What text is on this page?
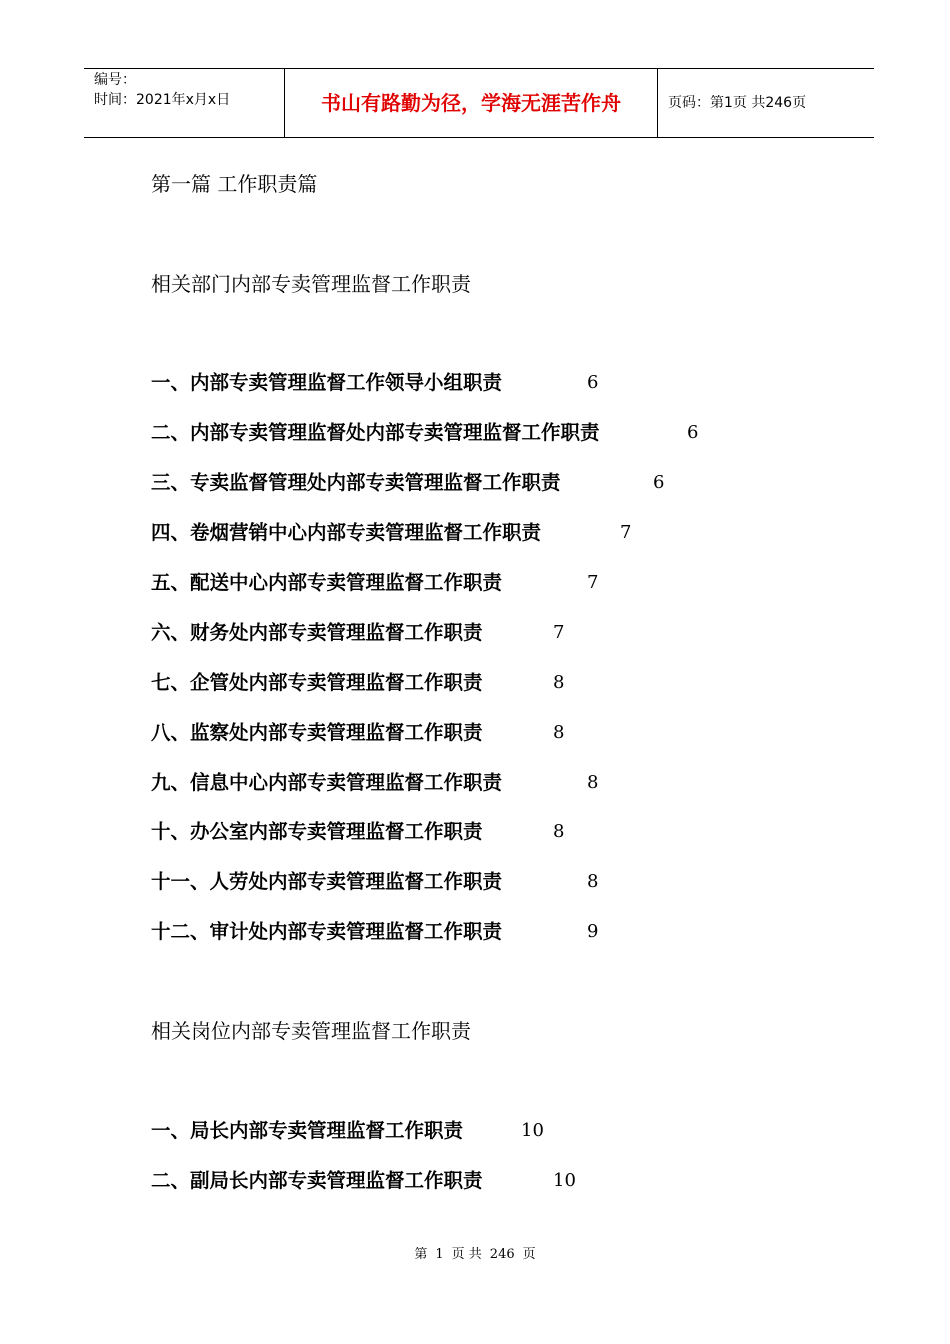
编号：
时间：2021年x月x日	书山有路勤为径，学海无涯苦作舟	页码：第1页 共246页
第一篇 工作职责篇
相关部门内部专卖管理监督工作职责
一、内部专卖管理监督工作领导小组职责	6
二、内部专卖管理监督处内部专卖管理监督工作职责	6
三、专卖监督管理处内部专卖管理监督工作职责	6
四、卷烟营销中心内部专卖管理监督工作职责	7
五、配送中心内部专卖管理监督工作职责	7
六、财务处内部专卖管理监督工作职责	7
七、企管处内部专卖管理监督工作职责	8
八、监察处内部专卖管理监督工作职责	8
九、信息中心内部专卖管理监督工作职责	8
十、办公室内部专卖管理监督工作职责	8
十一、人劳处内部专卖管理监督工作职责	8
十二、审计处内部专卖管理监督工作职责	9
相关岗位内部专卖管理监督工作职责
一、局长内部专卖管理监督工作职责	10
二、副局长内部专卖管理监督工作职责	10
第 1 页 共 246 页
